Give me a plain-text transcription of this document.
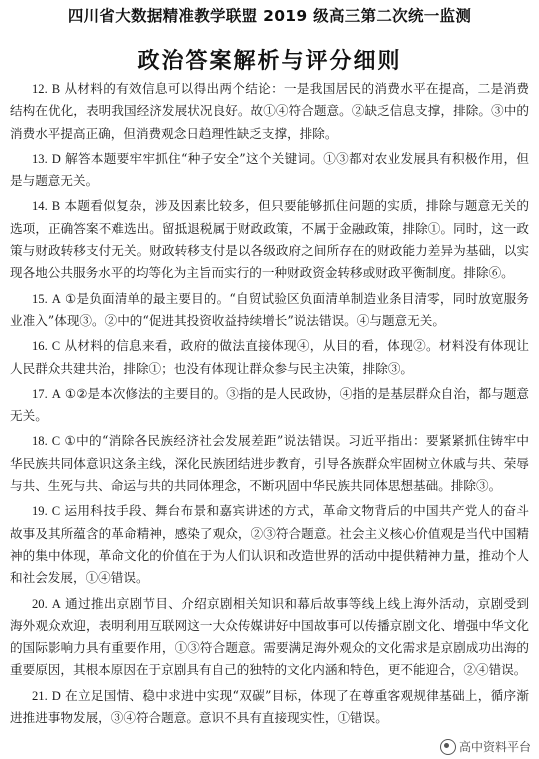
四川省大数据精准教学联盟 2019 级高三第二次统一监测
政治答案解析与评分细则

12. B 从材料的有效信息可以得出两个结论：一是我国居民的消费水平在提高，二是消费结构在优化，表明我国经济发展状况良好。故①④符合题意。②缺乏信息支撑，排除。③中的消费水平提高正确，但消费观念日趋理性缺乏支撑，排除。

13. D 解答本题要牢牢抓住“种子安全”这个关键词。①③都对农业发展具有积极作用，但是与题意无关。

14. B 本题看似复杂，涉及因素比较多，但只要能够抓住问题的实质，排除与题意无关的选项，正确答案不难选出。留抵退税属于财政政策，不属于金融政策，排除①。同时，这一政策与财政转移支付无关。财政转移支付是以各级政府之间所存在的财政能力差异为基础，以实现各地公共服务水平的均等化为主旨而实行的一种财政资金转移或财政平衡制度。排除⑥。

15. A ①是负面清单的最主要目的。“自贸试验区负面清单制造业条目清零，同时放宽服务业准入”体现③。②中的“促进其投资收益持续增长”说法错误。④与题意无关。

16. C 从材料的信息来看，政府的做法直接体现④，从目的看，体现②。材料没有体现让人民群众共建共治，排除①；也没有体现让群众参与民主决策，排除③。

17. A ①②是本次修法的主要目的。③指的是人民政协，④指的是基层群众自治，都与题意无关。

18. C ①中的“消除各民族经济社会发展差距”说法错误。习近平指出：要紧紧抓住铸牢中华民族共同体意识这条主线，深化民族团结进步教育，引导各族群众牢固树立休戚与共、荣辱与共、生死与共、命运与共的共同体理念，不断巩固中华民族共同体思想基础。排除③。

19. C 运用科技手段、舞台布景和嘉宾讲述的方式，革命文物背后的中国共产党人的奋斗故事及其所蕴含的革命精神，感染了观众，②③符合题意。社会主义核心价值观是当代中国精神的集中体现，革命文化的价值在于为人们认识和改造世界的活动中提供精神力量，推动个人和社会发展，①④错误。

20. A 通过推出京剧节目、介绍京剧相关知识和幕后故事等线上线上海外活动，京剧受到海外观众欢迎，表明利用互联网这一大众传媒讲好中国故事可以传播京剧文化、增强中华文化的国际影响力具有重要作用，①③符合题意。需要满足海外观众的文化需求是京剧成功出海的重要原因，其根本原因在于京剧具有自己的独特的文化内涵和特色，更不能迎合，②④错误。

21. D 在立足国情、稳中求进中实现“双碳”目标，体现了在尊重客观规律基础上，循序渐进推进事物发展，③④符合题意。意识不具有直接现实性，①错误。

高中资料平台
